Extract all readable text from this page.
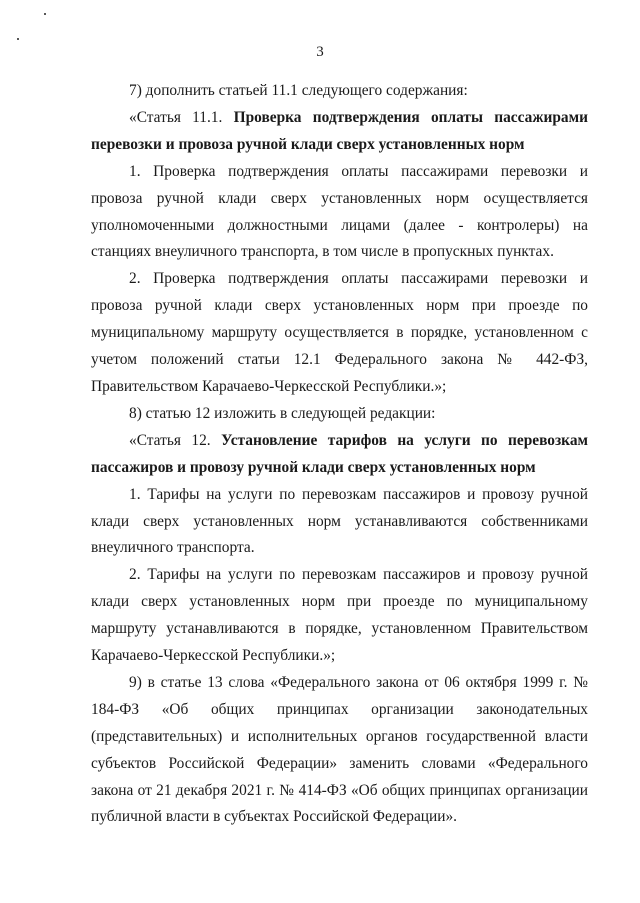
3

7) дополнить статьей 11.1 следующего содержания:

«Статья 11.1. Проверка подтверждения оплаты пассажирами перевозки и провоза ручной клади сверх установленных норм

1. Проверка подтверждения оплаты пассажирами перевозки и провоза ручной клади сверх установленных норм осуществляется уполномоченными должностными лицами (далее - контролеры) на станциях внеуличного транспорта, в том числе в пропускных пунктах.

2. Проверка подтверждения оплаты пассажирами перевозки и провоза ручной клади сверх установленных норм при проезде по муниципальному маршруту осуществляется в порядке, установленном с учетом положений статьи 12.1 Федерального закона № 442-ФЗ, Правительством Карачаево-Черкесской Республики.»;

8) статью 12 изложить в следующей редакции:

«Статья 12. Установление тарифов на услуги по перевозкам пассажиров и провозу ручной клади сверх установленных норм

1. Тарифы на услуги по перевозкам пассажиров и провозу ручной клади сверх установленных норм устанавливаются собственниками внеуличного транспорта.

2. Тарифы на услуги по перевозкам пассажиров и провозу ручной клади сверх установленных норм при проезде по муниципальному маршруту устанавливаются в порядке, установленном Правительством Карачаево-Черкесской Республики.»;

9) в статье 13 слова «Федерального закона от 06 октября 1999 г. № 184-ФЗ «Об общих принципах организации законодательных (представительных) и исполнительных органов государственной власти субъектов Российской Федерации» заменить словами «Федерального закона от 21 декабря 2021 г. № 414-ФЗ «Об общих принципах организации публичной власти в субъектах Российской Федерации».
